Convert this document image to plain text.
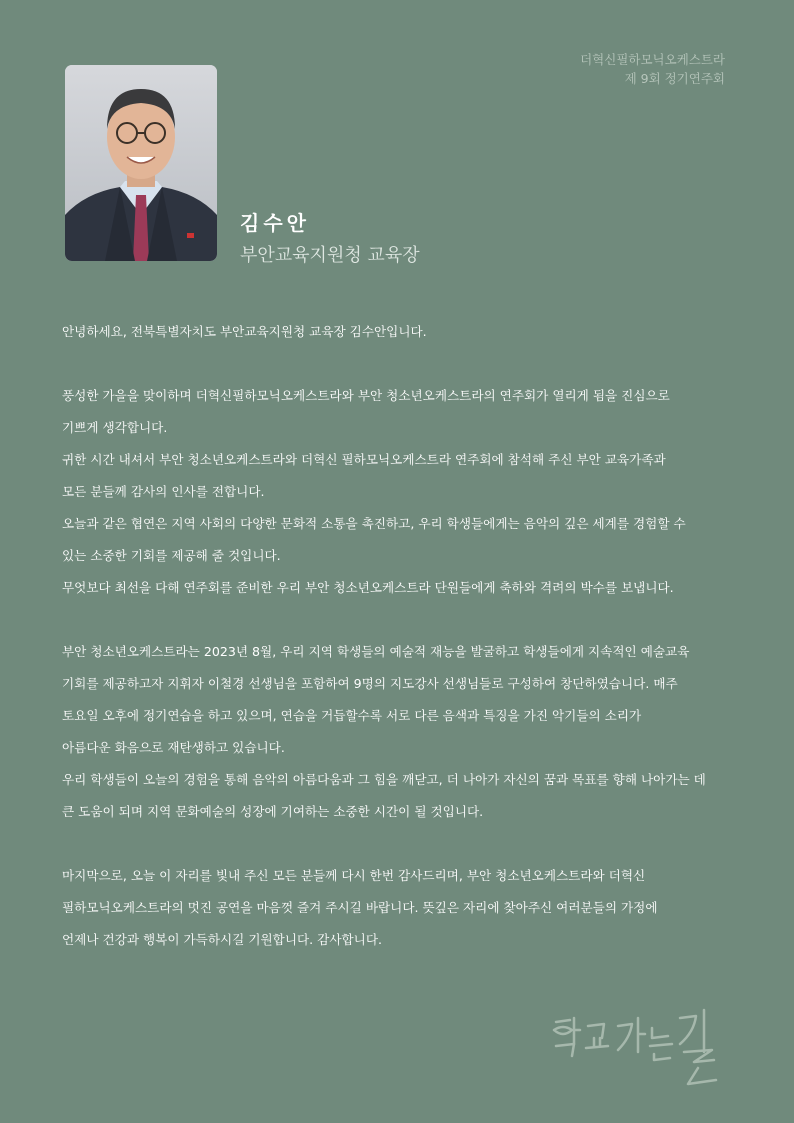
더혁신필하모닉오케스트라
제 9회 정기연주회
김수안
부안교육지원청 교육장

안녕하세요, 전북특별자치도 부안교육지원청 교육장 김수안입니다.

풍성한 가을을 맞이하며 더혁신필하모닉오케스트라와 부안 청소년오케스트라의 연주회가 열리게 됨을 진심으로

기쁘게 생각합니다.

귀한 시간 내셔서 부안 청소년오케스트라와 더혁신 필하모닉오케스트라 연주회에 참석해 주신 부안 교육가족과

모든 분들께 감사의 인사를 전합니다.

오늘과 같은 협연은 지역 사회의 다양한 문화적 소통을 촉진하고, 우리 학생들에게는 음악의 깊은 세계를 경험할 수

있는 소중한 기회를 제공해 줄 것입니다.

무엇보다 최선을 다해 연주회를 준비한 우리 부안 청소년오케스트라 단원들에게 축하와 격려의 박수를 보냅니다.

부안 청소년오케스트라는 2023년 8월, 우리 지역 학생들의 예술적 재능을 발굴하고 학생들에게 지속적인 예술교육

기회를 제공하고자 지휘자 이철경 선생님을 포함하여 9명의 지도강사 선생님들로 구성하여 창단하였습니다. 매주

토요일 오후에 정기연습을 하고 있으며, 연습을 거듭할수록 서로 다른 음색과 특징을 가진 악기들의 소리가

아름다운 화음으로 재탄생하고 있습니다.

우리 학생들이 오늘의 경험을 통해 음악의 아름다움과 그 힘을 깨닫고, 더 나아가 자신의 꿈과 목표를 향해 나아가는 데

큰 도움이 되며 지역 문화예술의 성장에 기여하는 소중한 시간이 될 것입니다.

마지막으로, 오늘 이 자리를 빛내 주신 모든 분들께 다시 한번 감사드리며, 부안 청소년오케스트라와 더혁신

필하모닉오케스트라의 멋진 공연을 마음껏 즐겨 주시길 바랍니다. 뜻깊은 자리에 찾아주신 여러분들의 가정에

언제나 건강과 행복이 가득하시길 기원합니다. 감사합니다.
